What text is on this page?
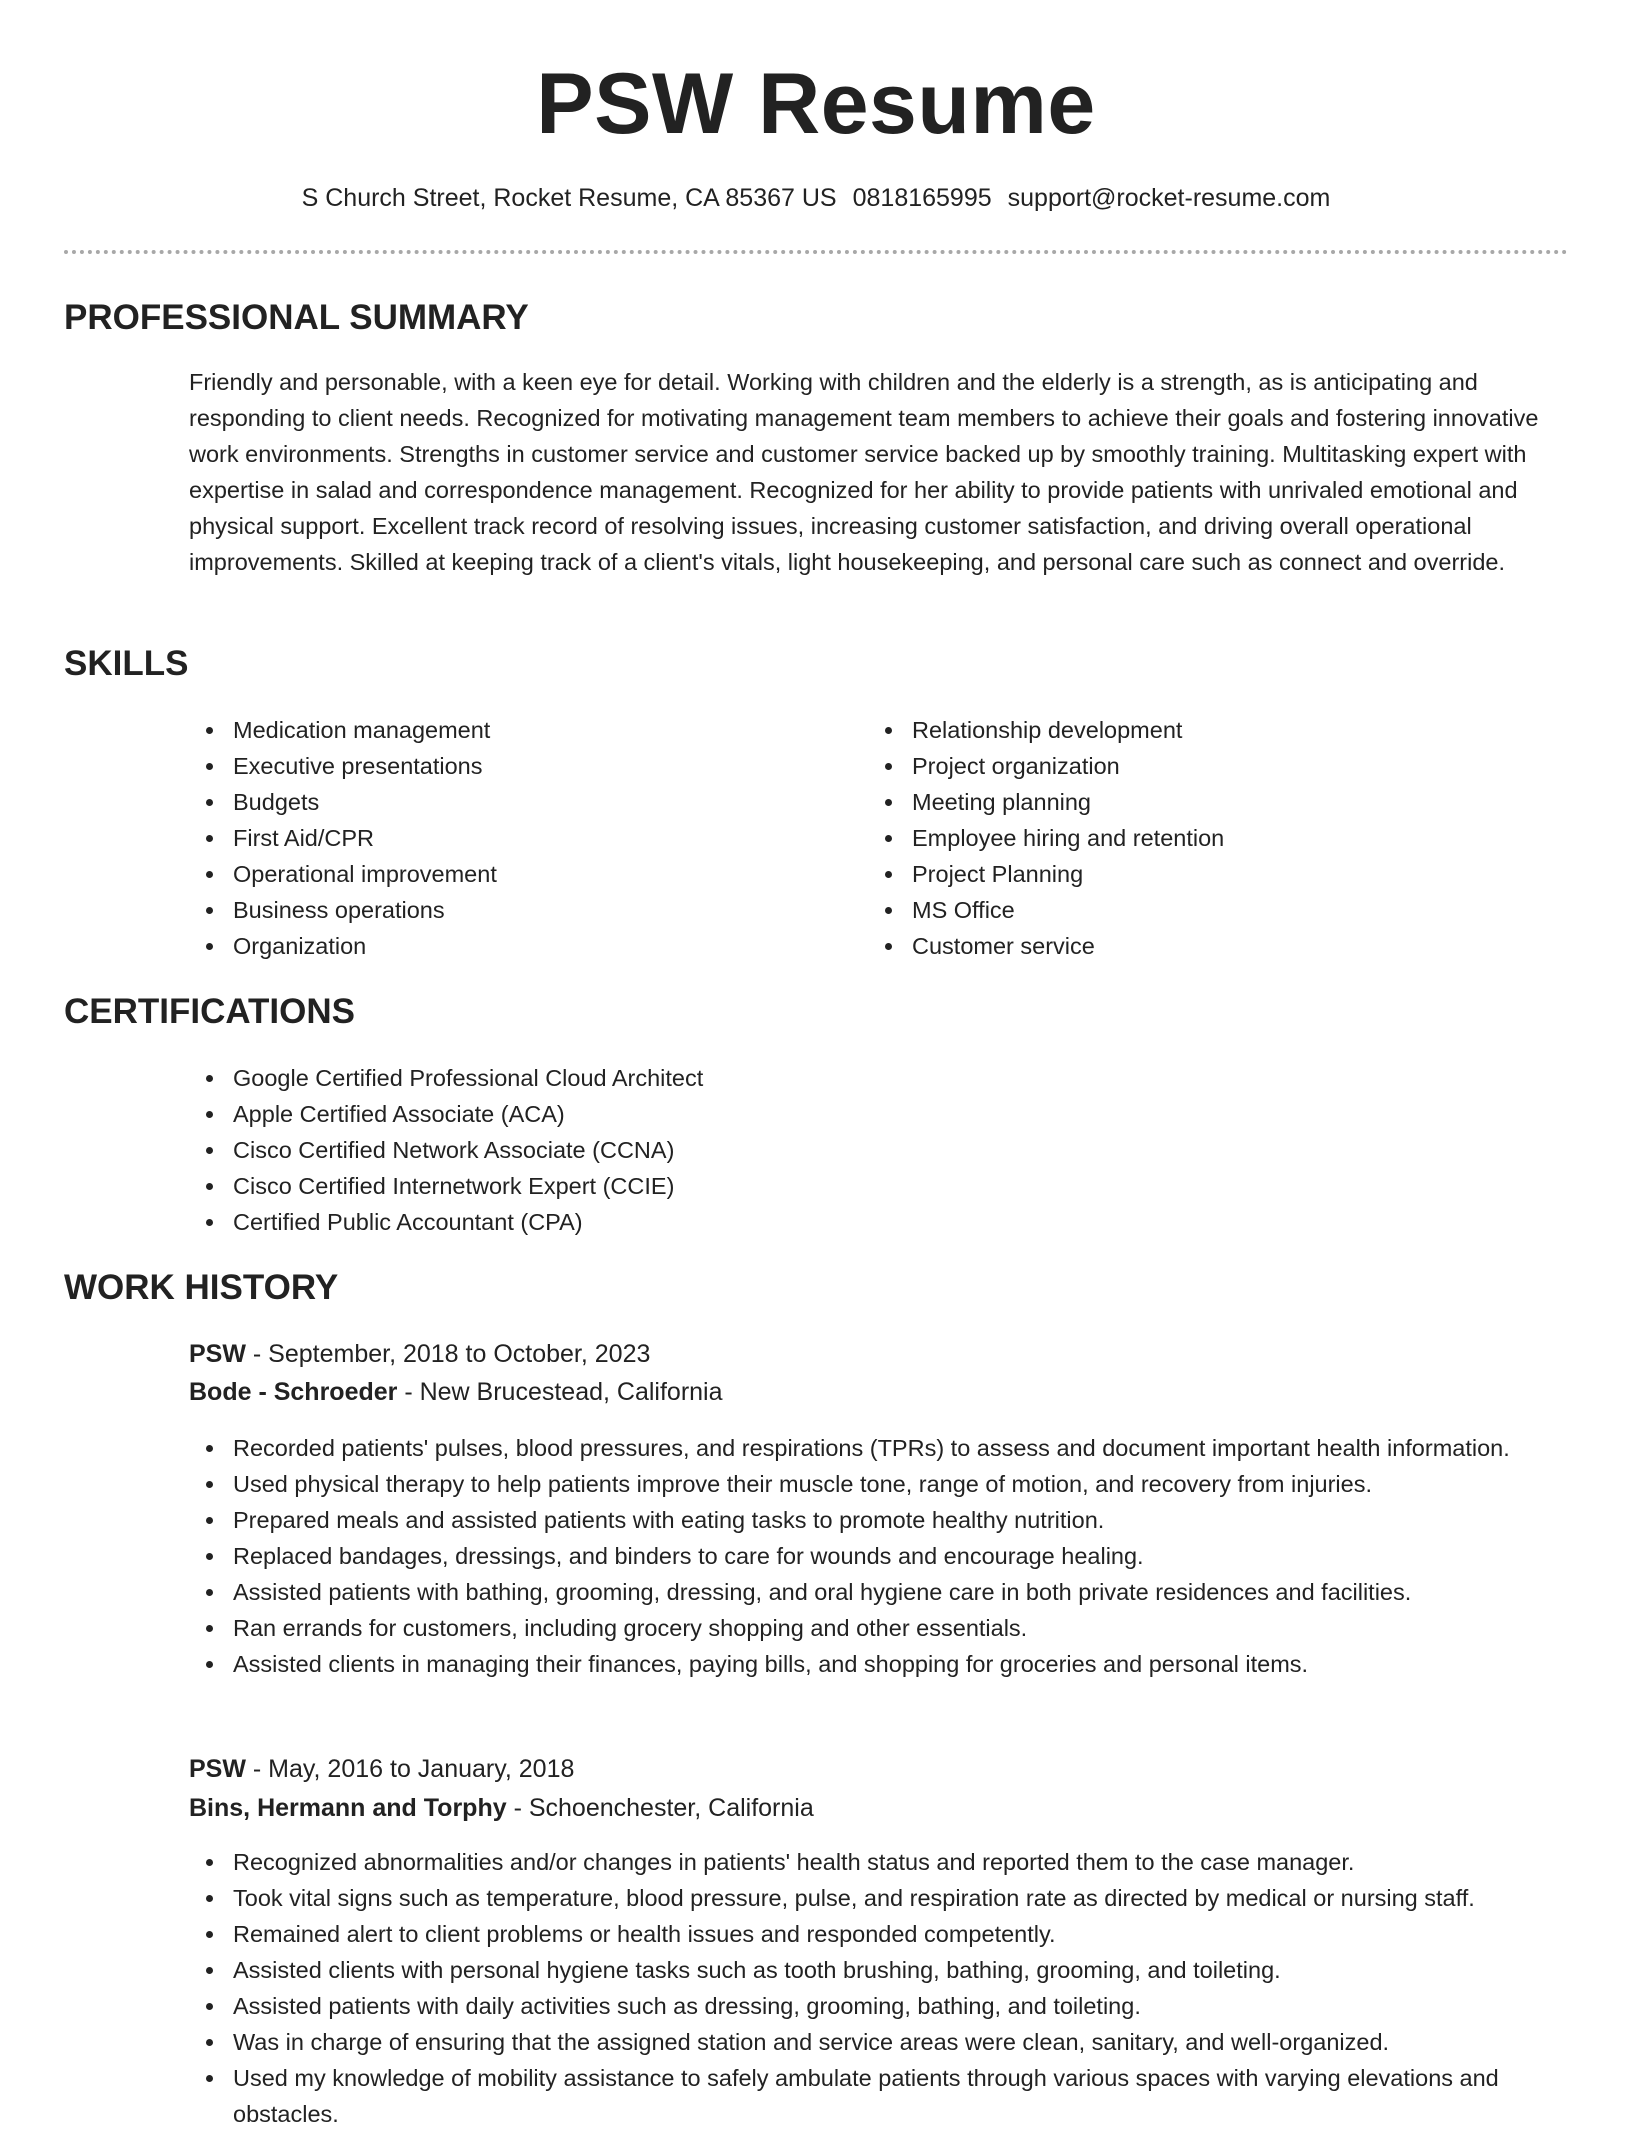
PSW Resume
S Church Street, Rocket Resume, CA 85367 US 0818165995 support@rocket-resume.com
PROFESSIONAL SUMMARY
Friendly and personable, with a keen eye for detail. Working with children and the elderly is a strength, as is anticipating and responding to client needs. Recognized for motivating management team members to achieve their goals and fostering innovative work environments. Strengths in customer service and customer service backed up by smoothly training. Multitasking expert with expertise in salad and correspondence management. Recognized for her ability to provide patients with unrivaled emotional and physical support. Excellent track record of resolving issues, increasing customer satisfaction, and driving overall operational improvements. Skilled at keeping track of a client's vitals, light housekeeping, and personal care such as connect and override.
SKILLS
Medication management
Executive presentations
Budgets
First Aid/CPR
Operational improvement
Business operations
Organization
Relationship development
Project organization
Meeting planning
Employee hiring and retention
Project Planning
MS Office
Customer service
CERTIFICATIONS
Google Certified Professional Cloud Architect
Apple Certified Associate (ACA)
Cisco Certified Network Associate (CCNA)
Cisco Certified Internetwork Expert (CCIE)
Certified Public Accountant (CPA)
WORK HISTORY
PSW - September, 2018 to October, 2023
Bode - Schroeder - New Brucestead, California
Recorded patients' pulses, blood pressures, and respirations (TPRs) to assess and document important health information.
Used physical therapy to help patients improve their muscle tone, range of motion, and recovery from injuries.
Prepared meals and assisted patients with eating tasks to promote healthy nutrition.
Replaced bandages, dressings, and binders to care for wounds and encourage healing.
Assisted patients with bathing, grooming, dressing, and oral hygiene care in both private residences and facilities.
Ran errands for customers, including grocery shopping and other essentials.
Assisted clients in managing their finances, paying bills, and shopping for groceries and personal items.
PSW - May, 2016 to January, 2018
Bins, Hermann and Torphy - Schoenchester, California
Recognized abnormalities and/or changes in patients' health status and reported them to the case manager.
Took vital signs such as temperature, blood pressure, pulse, and respiration rate as directed by medical or nursing staff.
Remained alert to client problems or health issues and responded competently.
Assisted clients with personal hygiene tasks such as tooth brushing, bathing, grooming, and toileting.
Assisted patients with daily activities such as dressing, grooming, bathing, and toileting.
Was in charge of ensuring that the assigned station and service areas were clean, sanitary, and well-organized.
Used my knowledge of mobility assistance to safely ambulate patients through various spaces with varying elevations and obstacles.
